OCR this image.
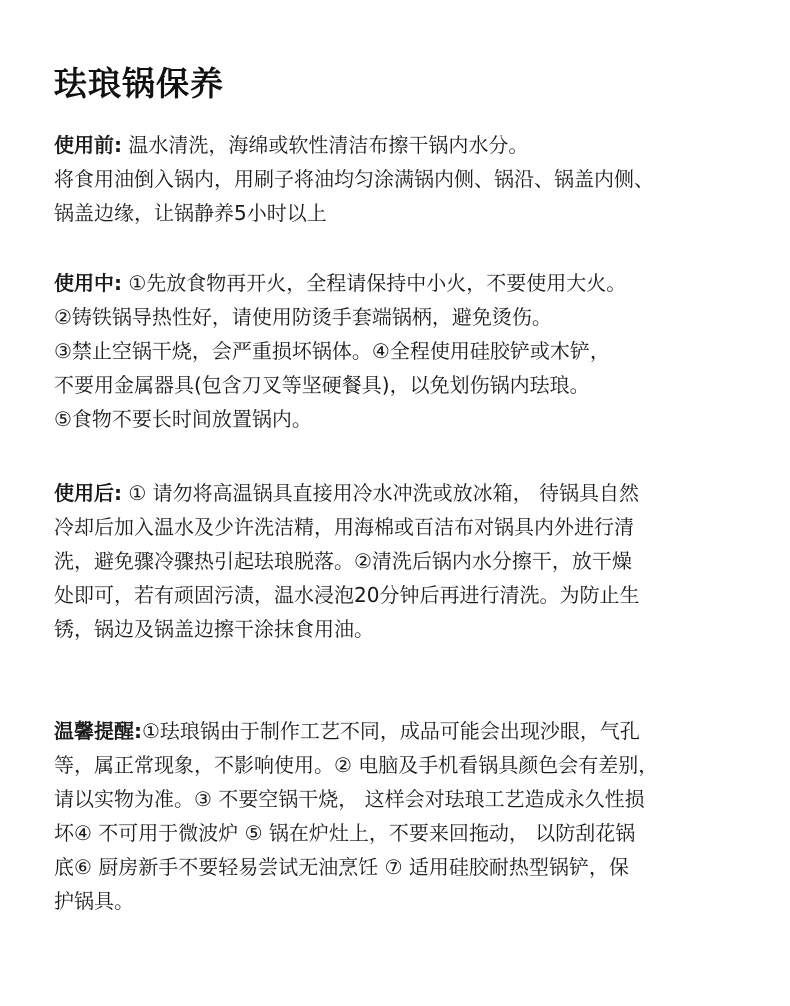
珐琅锅保养
使用前: 温水清洗，海绵或软性清洁布擦干锅内水分。
将食用油倒入锅内，用刷子将油均匀涂满锅内侧、锅沿、锅盖内侧、
锅盖边缘，让锅静养5小时以上
使用中: ①先放食物再开火，全程请保持中小火，不要使用大火。
②铸铁锅导热性好，请使用防烫手套端锅柄，避免烫伤。
③禁止空锅干烧，会严重损坏锅体。④全程使用硅胶铲或木铲，
不要用金属器具(包含刀叉等坚硬餐具)，以免划伤锅内珐琅。
⑤食物不要长时间放置锅内。
使用后: ① 请勿将高温锅具直接用冷水冲洗或放冰箱， 待锅具自然
冷却后加入温水及少许洗洁精，用海棉或百洁布对锅具内外进行清
洗，避免骤冷骤热引起珐琅脱落。②清洗后锅内水分擦干，放干燥
处即可，若有顽固污渍，温水浸泡20分钟后再进行清洗。为防止生
锈，锅边及锅盖边擦干涂抹食用油。
温馨提醒:①珐琅锅由于制作工艺不同，成品可能会出现沙眼，气孔
等，属正常现象，不影响使用。② 电脑及手机看锅具颜色会有差别，
请以实物为准。③ 不要空锅干烧， 这样会对珐琅工艺造成永久性损
坏④ 不可用于微波炉 ⑤ 锅在炉灶上，不要来回拖动， 以防刮花锅
底⑥ 厨房新手不要轻易尝试无油烹饪 ⑦ 适用硅胶耐热型锅铲，保
护锅具。
